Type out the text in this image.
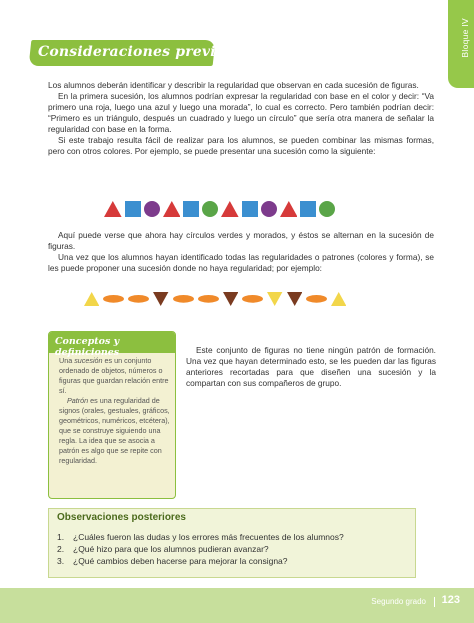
Bloque IV
Consideraciones previas

Los alumnos deberán identificar y describir la regularidad que observan en cada sucesión de figuras.

En la primera sucesión, los alumnos podrían expresar la regularidad con base en el color y decir: “Va primero una roja, luego una azul y luego una morada”, lo cual es correcto. Pero también podrían decir: “Primero es un triángulo, después un cuadrado y luego un círculo” que sería otra manera de señalar la regularidad con base en la forma.

Si este trabajo resulta fácil de realizar para los alumnos, se pueden combinar las mismas formas, pero con otros colores. Por ejemplo, se puede presentar una sucesión como la siguiente:

Aquí puede verse que ahora hay círculos verdes y morados, y éstos se alternan en la sucesión de figuras.

Una vez que los alumnos hayan identificado todas las regularidades o patrones (colores y forma), se les puede proponer una sucesión donde no haya regularidad; por ejemplo:

Conceptos y definiciones

Una sucesión es un conjunto ordenado de objetos, números o figuras que guardan relación entre sí.

Patrón es una regularidad de signos (orales, gestuales, gráficos, geométricos, numéricos, etcétera), que se construye siguiendo una regla. La idea que se asocia a patrón es algo que se repite con regularidad.

Este conjunto de figuras no tiene ningún patrón de formación. Una vez que hayan determinado esto, se les pueden dar las figuras anteriores recortadas para que diseñen una sucesión y la compartan con sus compañeros de grupo.

Observaciones posteriores
1.	¿Cuáles fueron las dudas y los errores más frecuentes de los alumnos?
2.	¿Qué hizo para que los alumnos pudieran avanzar?
3.	¿Qué cambios deben hacerse para mejorar la consigna?
Segundo grado 123
